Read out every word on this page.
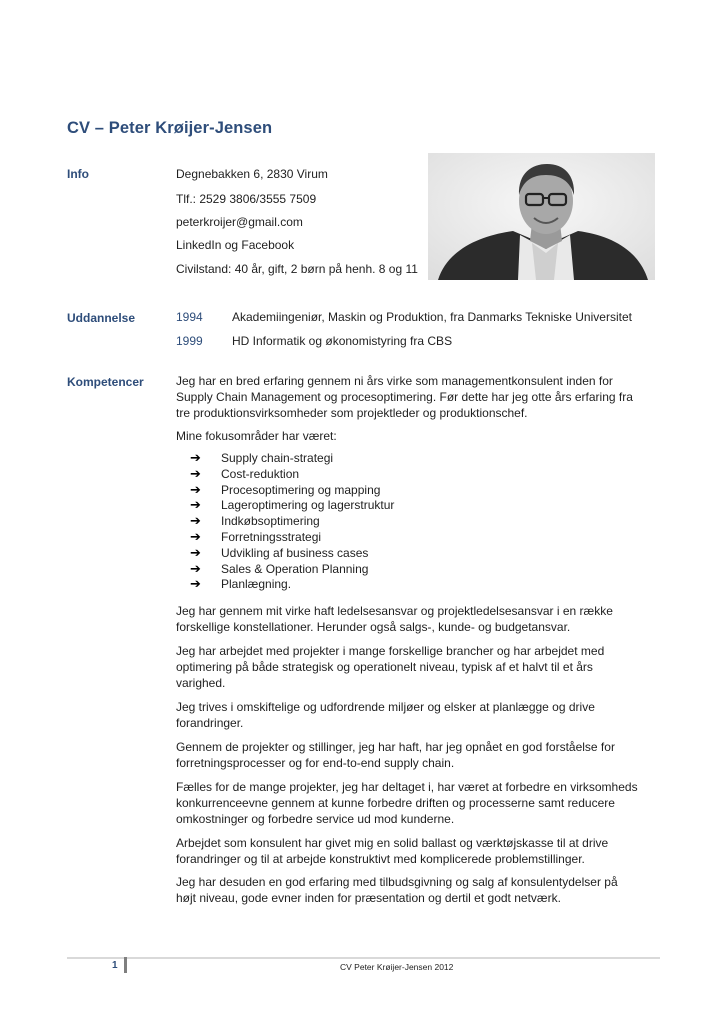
CV – Peter Krøijer-Jensen
Info	Degnebakken 6, 2830 Virum
Tlf.: 2529 3806/3555 7509
peterkroijer@gmail.com
LinkedIn og Facebook
Civilstand: 40 år, gift, 2 børn på henh. 8 og 11
Uddannelse	1994 Akademiingeniør, Maskin og Produktion, fra Danmarks Tekniske Universitet
1999 HD Informatik og økonomistyring fra CBS
Kompetencer	Jeg har en bred erfaring gennem ni års virke som managementkonsulent inden for
Supply Chain Management og procesoptimering. Før dette har jeg otte års erfaring fra
tre produktionsvirksomheder som projektleder og produktionschef.
Mine fokusområder har været:
➔ Supply chain-strategi
➔ Cost-reduktion
➔ Procesoptimering og mapping
➔ Lageroptimering og lagerstruktur
➔ Indkøbsoptimering
➔ Forretningsstrategi
➔ Udvikling af business cases
➔ Sales & Operation Planning
➔ Planlægning.
Jeg har gennem mit virke haft ledelsesansvar og projektledelsesansvar i en række
forskellige konstellationer. Herunder også salgs-, kunde- og budgetansvar.
Jeg har arbejdet med projekter i mange forskellige brancher og har arbejdet med
optimering på både strategisk og operationelt niveau, typisk af et halvt til et års
varighed.
Jeg trives i omskiftelige og udfordrende miljøer og elsker at planlægge og drive
forandringer.
Gennem de projekter og stillinger, jeg har haft, har jeg opnået en god forståelse for
forretningsprocesser og for end-to-end supply chain.
Fælles for de mange projekter, jeg har deltaget i, har været at forbedre en virksomheds
konkurrenceevne gennem at kunne forbedre driften og processerne samt reducere
omkostninger og forbedre service ud mod kunderne.
Arbejdet som konsulent har givet mig en solid ballast og værktøjskasse til at drive
forandringer og til at arbejde konstruktivt med komplicerede problemstillinger.
Jeg har desuden en god erfaring med tilbudsgivning og salg af konsulentydelser på
højt niveau, gode evner inden for præsentation og dertil et godt netværk.
1	CV Peter Krøijer-Jensen 2012
